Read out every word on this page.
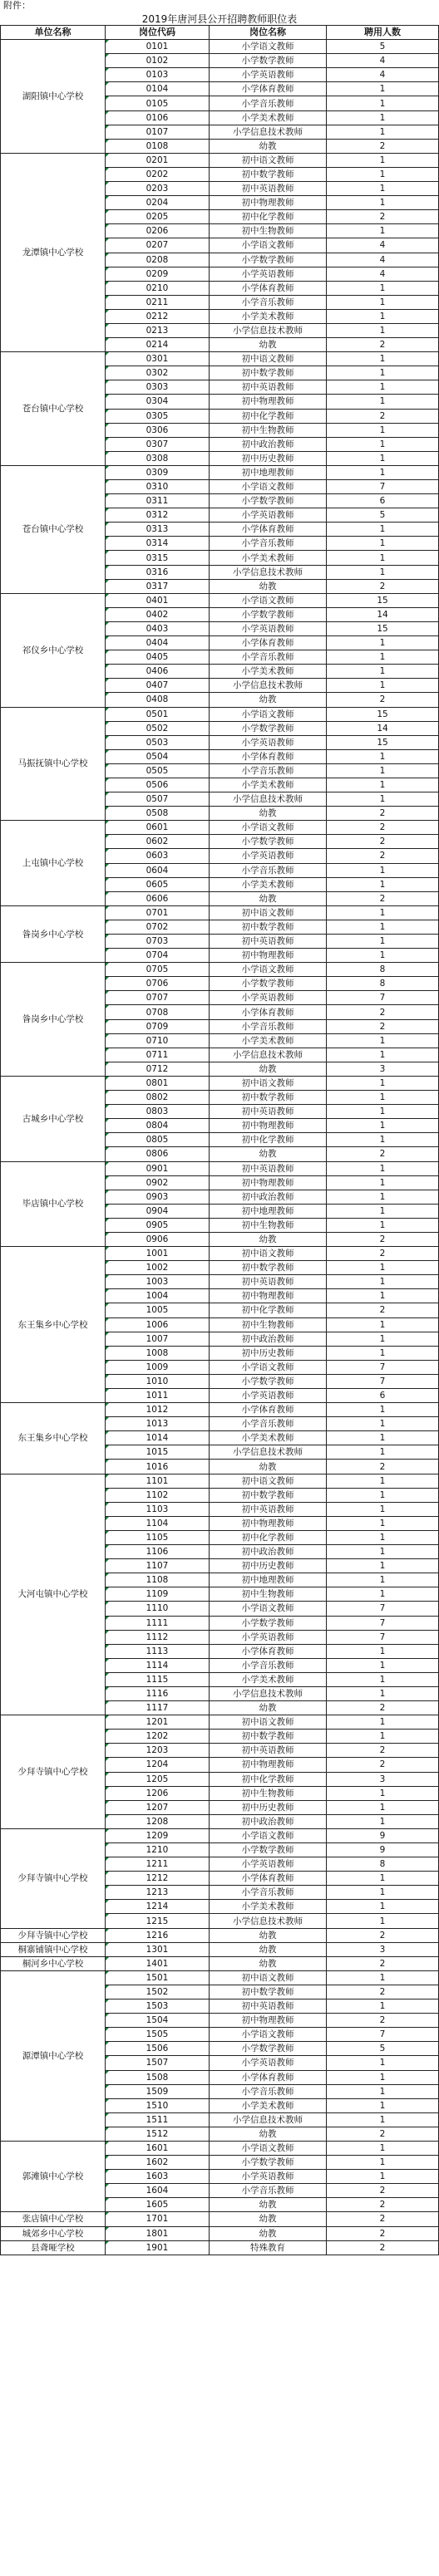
附件：
2019年唐河县公开招聘教师职位表
单位名称	岗位代码	岗位名称	聘用人数
湖阳镇中心学校	0101	小学语文教师	5
	0102	小学数学教师	4
	0103	小学英语教师	4
	0104	小学体育教师	1
	0105	小学音乐教师	1
	0106	小学美术教师	1
	0107	小学信息技术教师	1
	0108	幼教	2
龙潭镇中心学校	0201	初中语文教师	1
	0202	初中数学教师	1
	0203	初中英语教师	1
	0204	初中物理教师	1
	0205	初中化学教师	2
	0206	初中生物教师	1
	0207	小学语文教师	4
	0208	小学数学教师	4
	0209	小学英语教师	4
	0210	小学体育教师	1
	0211	小学音乐教师	1
	0212	小学美术教师	1
	0213	小学信息技术教师	1
	0214	幼教	2
苍台镇中心学校	0301	初中语文教师	1
	0302	初中数学教师	1
	0303	初中英语教师	1
	0304	初中物理教师	1
	0305	初中化学教师	2
	0306	初中生物教师	1
	0307	初中政治教师	1
	0308	初中历史教师	1
苍台镇中心学校	0309	初中地理教师	1
	0310	小学语文教师	7
	0311	小学数学教师	6
	0312	小学英语教师	5
	0313	小学体育教师	1
	0314	小学音乐教师	1
	0315	小学美术教师	1
	0316	小学信息技术教师	1
	0317	幼教	2
祁仪乡中心学校	0401	小学语文教师	15
	0402	小学数学教师	14
	0403	小学英语教师	15
	0404	小学体育教师	1
	0405	小学音乐教师	1
	0406	小学美术教师	1
	0407	小学信息技术教师	1
	0408	幼教	2
马振抚镇中心学校	0501	小学语文教师	15
	0502	小学数学教师	14
	0503	小学英语教师	15
	0504	小学体育教师	1
	0505	小学音乐教师	1
	0506	小学美术教师	1
	0507	小学信息技术教师	1
	0508	幼教	2
上屯镇中心学校	0601	小学语文教师	2
	0602	小学数学教师	2
	0603	小学英语教师	2
	0604	小学音乐教师	1
	0605	小学美术教师	1
	0606	幼教	2
昝岗乡中心学校	0701	初中语文教师	1
	0702	初中数学教师	1
	0703	初中英语教师	1
	0704	初中物理教师	1
昝岗乡中心学校	0705	小学语文教师	8
	0706	小学数学教师	8
	0707	小学英语教师	7
	0708	小学体育教师	2
	0709	小学音乐教师	2
	0710	小学美术教师	1
	0711	小学信息技术教师	1
	0712	幼教	3
古城乡中心学校	0801	初中语文教师	1
	0802	初中数学教师	1
	0803	初中英语教师	1
	0804	初中物理教师	1
	0805	初中化学教师	1
	0806	幼教	2
毕店镇中心学校	0901	初中英语教师	1
	0902	初中物理教师	1
	0903	初中政治教师	1
	0904	初中地理教师	1
	0905	初中生物教师	1
	0906	幼教	2
东王集乡中心学校	1001	初中语文教师	2
	1002	初中数学教师	1
	1003	初中英语教师	1
	1004	初中物理教师	1
	1005	初中化学教师	2
	1006	初中生物教师	1
	1007	初中政治教师	1
	1008	初中历史教师	1
	1009	小学语文教师	7
	1010	小学数学教师	7
	1011	小学英语教师	6
东王集乡中心学校	1012	小学体育教师	1
	1013	小学音乐教师	1
	1014	小学美术教师	1
	1015	小学信息技术教师	1
	1016	幼教	2
大河屯镇中心学校	1101	初中语文教师	1
	1102	初中数学教师	1
	1103	初中英语教师	1
	1104	初中物理教师	1
	1105	初中化学教师	1
	1106	初中政治教师	1
	1107	初中历史教师	1
	1108	初中地理教师	1
	1109	初中生物教师	1
	1110	小学语文教师	7
	1111	小学数学教师	7
	1112	小学英语教师	7
	1113	小学体育教师	1
	1114	小学音乐教师	1
	1115	小学美术教师	1
	1116	小学信息技术教师	1
	1117	幼教	2
少拜寺镇中心学校	1201	初中语文教师	1
	1202	初中数学教师	1
	1203	初中英语教师	2
	1204	初中物理教师	2
	1205	初中化学教师	3
	1206	初中生物教师	1
	1207	初中历史教师	1
	1208	初中政治教师	1
少拜寺镇中心学校	1209	小学语文教师	9
	1210	小学数学教师	9
	1211	小学英语教师	8
	1212	小学体育教师	1
	1213	小学音乐教师	1
	1214	小学美术教师	1
	1215	小学信息技术教师	1
少拜寺镇中心学校	1216	幼教	2
桐寨铺镇中心学校	1301	幼教	3
桐河乡中心学校	1401	幼教	2
源潭镇中心学校	1501	初中语文教师	1
	1502	初中数学教师	2
	1503	初中英语教师	1
	1504	初中物理教师	2
	1505	小学语文教师	7
	1506	小学数学教师	5
	1507	小学英语教师	1
	1508	小学体育教师	1
	1509	小学音乐教师	1
	1510	小学美术教师	1
	1511	小学信息技术教师	1
	1512	幼教	2
郭滩镇中心学校	1601	小学语文教师	1
	1602	小学数学教师	1
	1603	小学英语教师	1
	1604	小学音乐教师	2
	1605	幼教	2
张店镇中心学校	1701	幼教	2
城郊乡中心学校	1801	幼教	2
县聋哑学校	1901	特殊教育	2
